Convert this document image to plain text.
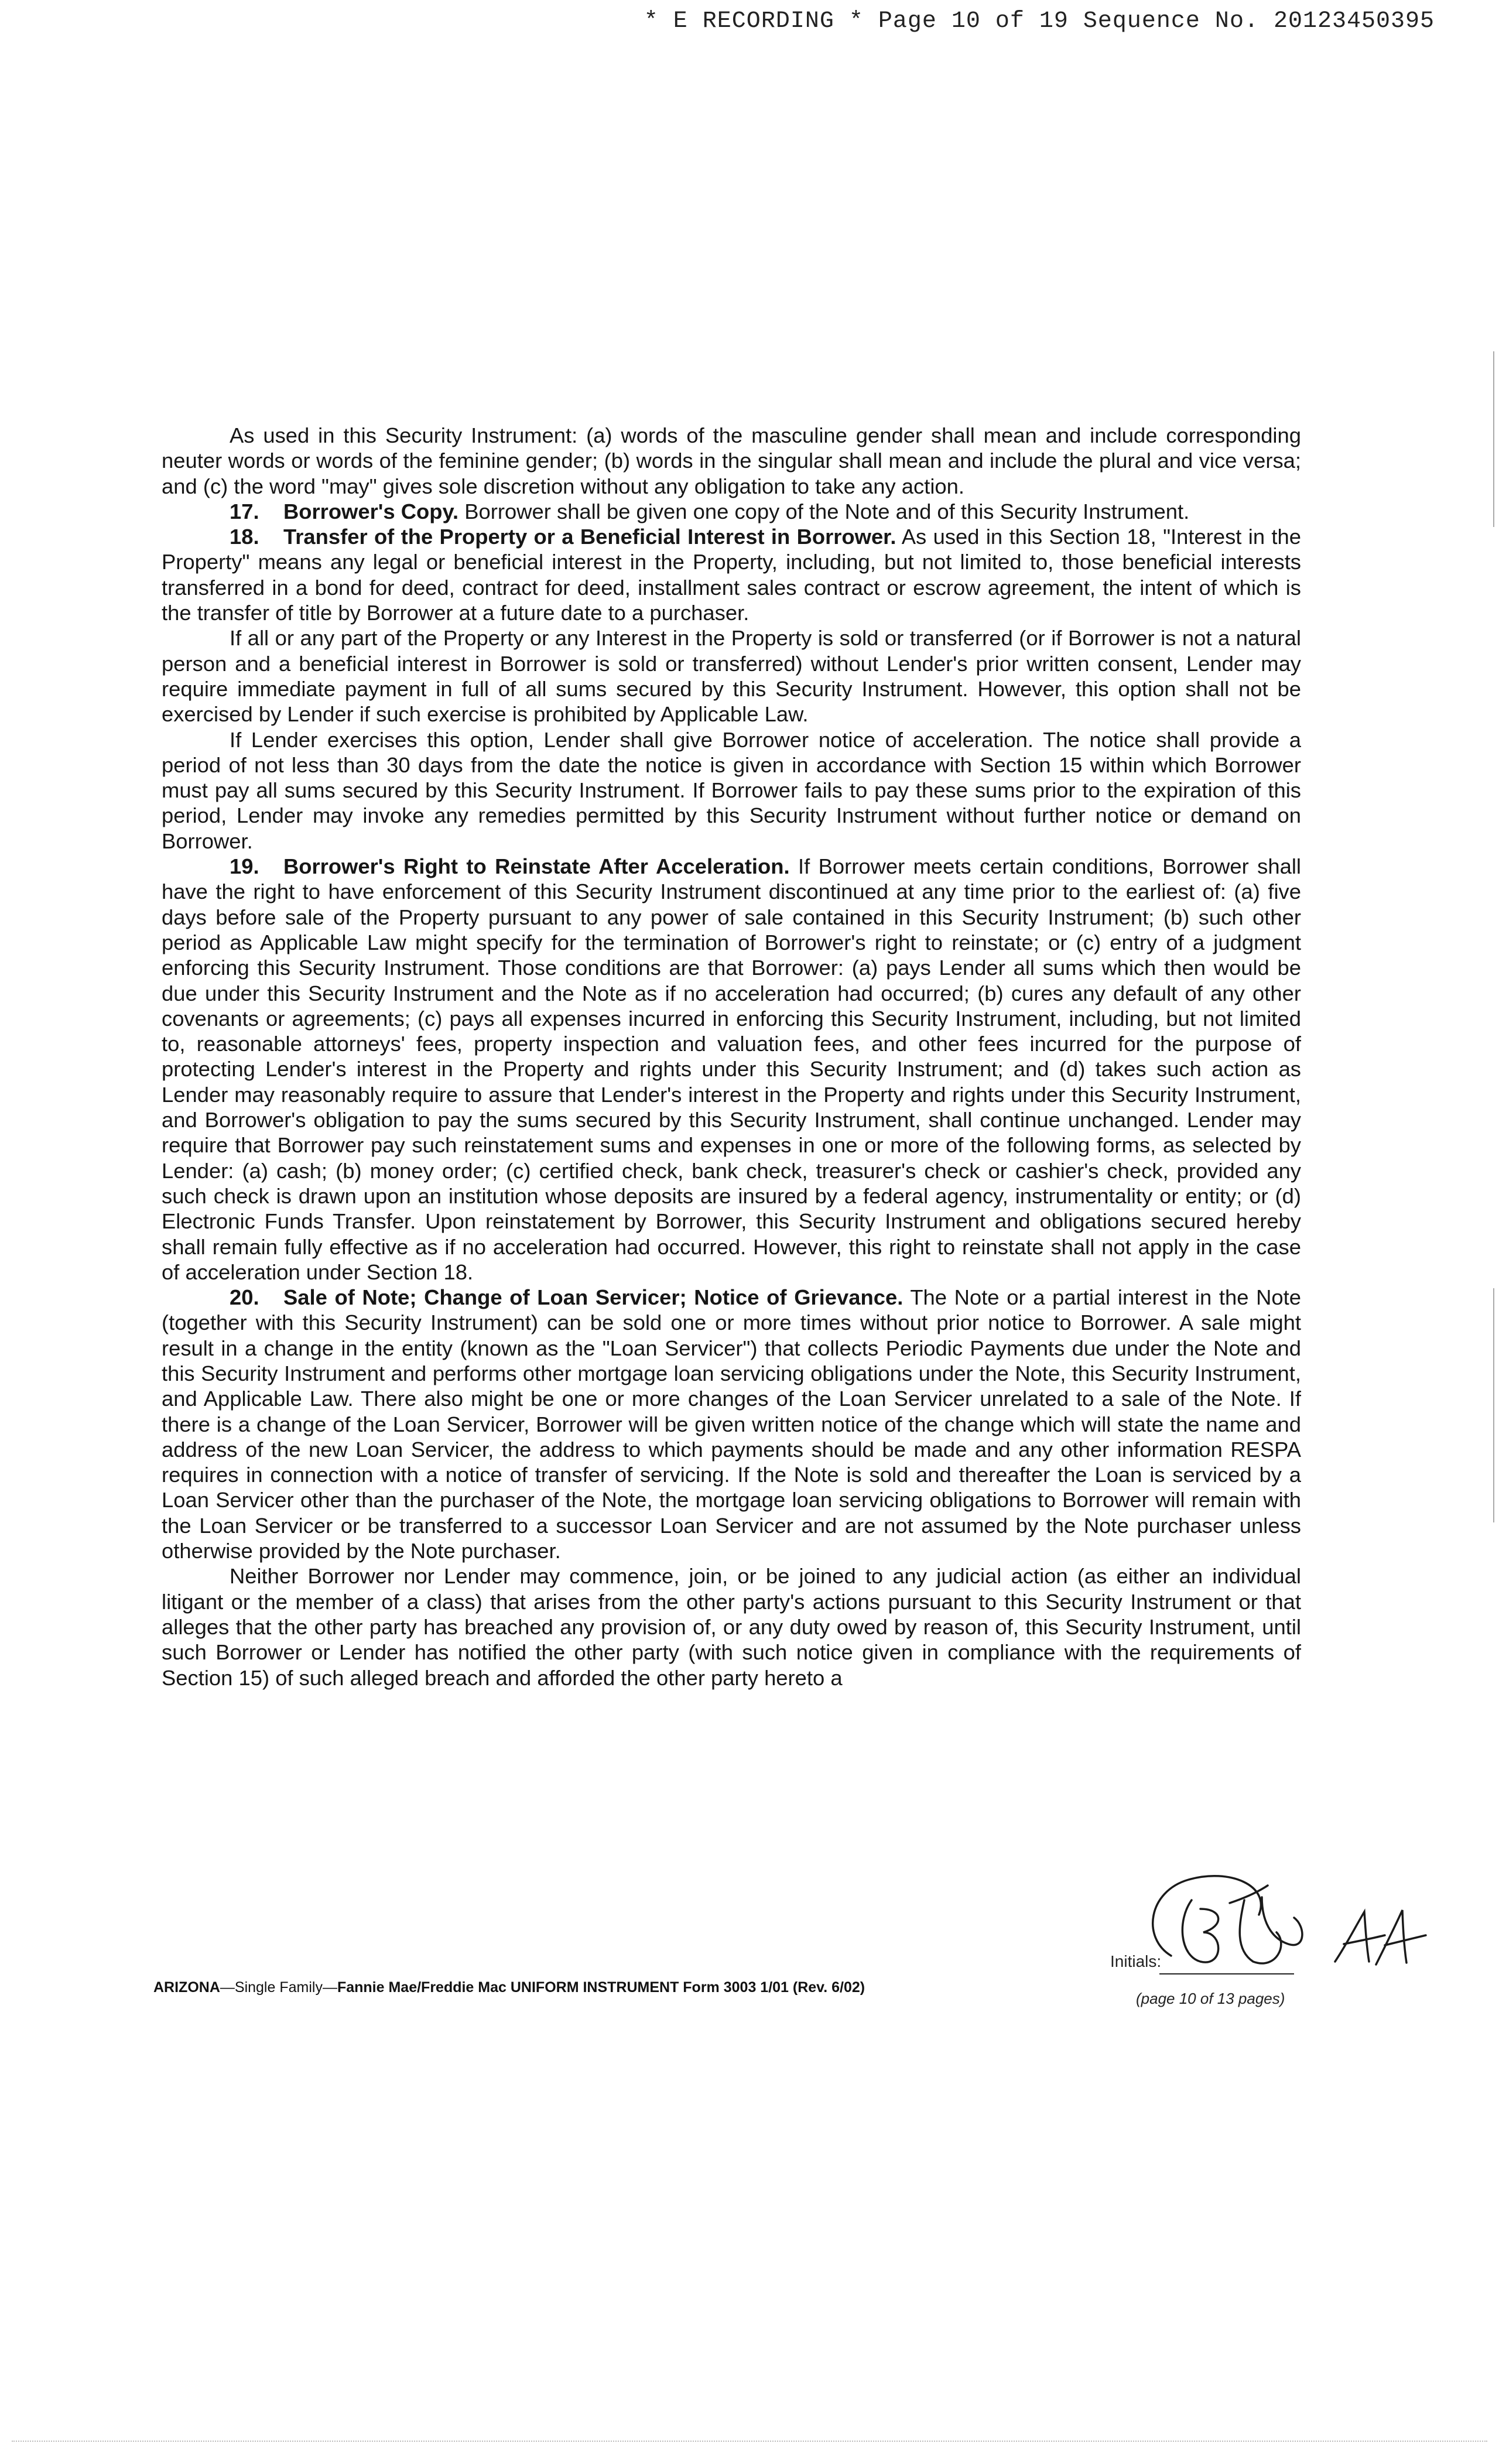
* E RECORDING * Page 10 of 19 Sequence No. 20123450395

As used in this Security Instrument: (a) words of the masculine gender shall mean and include corresponding neuter words or words of the feminine gender; (b) words in the singular shall mean and include the plural and vice versa; and (c) the word "may" gives sole discretion without any obligation to take any action.

17. Borrower's Copy. Borrower shall be given one copy of the Note and of this Security Instrument.

18. Transfer of the Property or a Beneficial Interest in Borrower. As used in this Section 18, "Interest in the Property" means any legal or beneficial interest in the Property, including, but not limited to, those beneficial interests transferred in a bond for deed, contract for deed, installment sales contract or escrow agreement, the intent of which is the transfer of title by Borrower at a future date to a purchaser.

If all or any part of the Property or any Interest in the Property is sold or transferred (or if Borrower is not a natural person and a beneficial interest in Borrower is sold or transferred) without Lender's prior written consent, Lender may require immediate payment in full of all sums secured by this Security Instrument. However, this option shall not be exercised by Lender if such exercise is prohibited by Applicable Law.

If Lender exercises this option, Lender shall give Borrower notice of acceleration. The notice shall provide a period of not less than 30 days from the date the notice is given in accordance with Section 15 within which Borrower must pay all sums secured by this Security Instrument. If Borrower fails to pay these sums prior to the expiration of this period, Lender may invoke any remedies permitted by this Security Instrument without further notice or demand on Borrower.

19. Borrower's Right to Reinstate After Acceleration. If Borrower meets certain conditions, Borrower shall have the right to have enforcement of this Security Instrument discontinued at any time prior to the earliest of: (a) five days before sale of the Property pursuant to any power of sale contained in this Security Instrument; (b) such other period as Applicable Law might specify for the termination of Borrower's right to reinstate; or (c) entry of a judgment enforcing this Security Instrument. Those conditions are that Borrower: (a) pays Lender all sums which then would be due under this Security Instrument and the Note as if no acceleration had occurred; (b) cures any default of any other covenants or agreements; (c) pays all expenses incurred in enforcing this Security Instrument, including, but not limited to, reasonable attorneys' fees, property inspection and valuation fees, and other fees incurred for the purpose of protecting Lender's interest in the Property and rights under this Security Instrument; and (d) takes such action as Lender may reasonably require to assure that Lender's interest in the Property and rights under this Security Instrument, and Borrower's obligation to pay the sums secured by this Security Instrument, shall continue unchanged. Lender may require that Borrower pay such reinstatement sums and expenses in one or more of the following forms, as selected by Lender: (a) cash; (b) money order; (c) certified check, bank check, treasurer's check or cashier's check, provided any such check is drawn upon an institution whose deposits are insured by a federal agency, instrumentality or entity; or (d) Electronic Funds Transfer. Upon reinstatement by Borrower, this Security Instrument and obligations secured hereby shall remain fully effective as if no acceleration had occurred. However, this right to reinstate shall not apply in the case of acceleration under Section 18.

20. Sale of Note; Change of Loan Servicer; Notice of Grievance. The Note or a partial interest in the Note (together with this Security Instrument) can be sold one or more times without prior notice to Borrower. A sale might result in a change in the entity (known as the "Loan Servicer") that collects Periodic Payments due under the Note and this Security Instrument and performs other mortgage loan servicing obligations under the Note, this Security Instrument, and Applicable Law. There also might be one or more changes of the Loan Servicer unrelated to a sale of the Note. If there is a change of the Loan Servicer, Borrower will be given written notice of the change which will state the name and address of the new Loan Servicer, the address to which payments should be made and any other information RESPA requires in connection with a notice of transfer of servicing. If the Note is sold and thereafter the Loan is serviced by a Loan Servicer other than the purchaser of the Note, the mortgage loan servicing obligations to Borrower will remain with the Loan Servicer or be transferred to a successor Loan Servicer and are not assumed by the Note purchaser unless otherwise provided by the Note purchaser.

Neither Borrower nor Lender may commence, join, or be joined to any judicial action (as either an individual litigant or the member of a class) that arises from the other party's actions pursuant to this Security Instrument or that alleges that the other party has breached any provision of, or any duty owed by reason of, this Security Instrument, until such Borrower or Lender has notified the other party (with such notice given in compliance with the requirements of Section 15) of such alleged breach and afforded the other party hereto a

ARIZONA—Single Family—Fannie Mae/Freddie Mac UNIFORM INSTRUMENT Form 3003 1/01 (Rev. 6/02)
Initials:
(page 10 of 13 pages)
